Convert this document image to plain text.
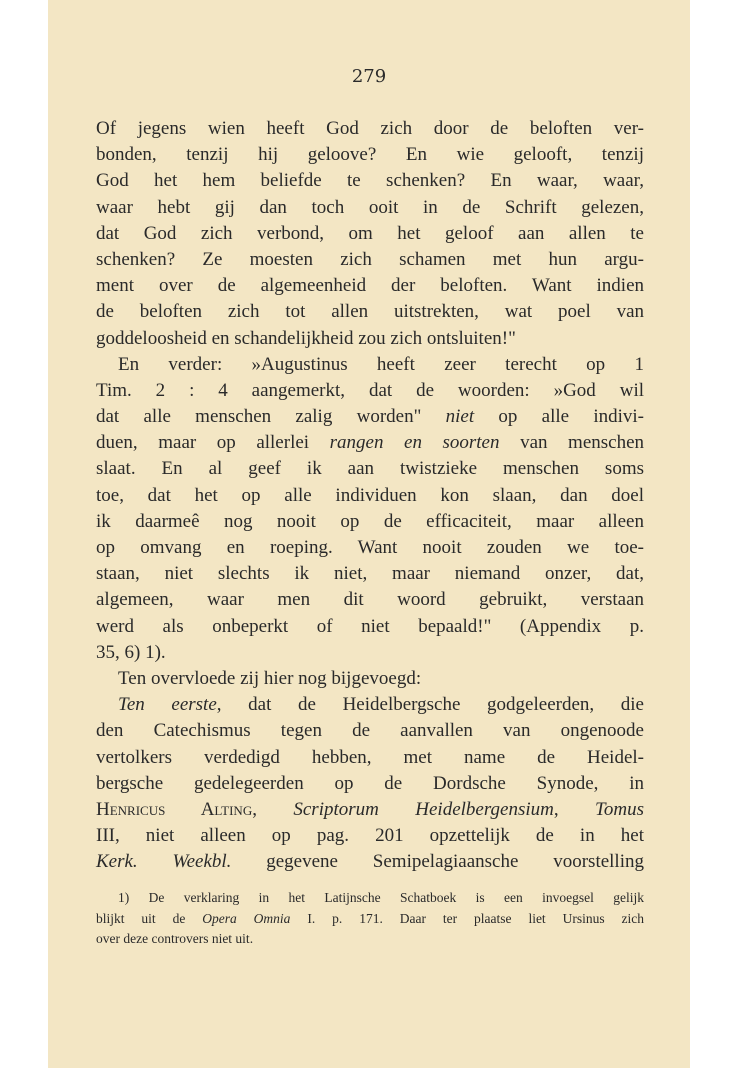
279
Of jegens wien heeft God zich door de beloften ver-
bonden, tenzij hij geloove? En wie gelooft, tenzij
God het hem beliefde te schenken? En waar, waar,
waar hebt gij dan toch ooit in de Schrift gelezen,
dat God zich verbond, om het geloof aan allen te
schenken? Ze moesten zich schamen met hun argu-
ment over de algemeenheid der beloften. Want indien
de beloften zich tot allen uitstrekten, wat poel van
goddeloosheid en schandelijkheid zou zich ontsluiten!"
En verder: »Augustinus heeft zeer terecht op 1
Tim. 2 : 4 aangemerkt, dat de woorden: »God wil
dat alle menschen zalig worden" niet op alle indivi-
duen, maar op allerlei rangen en soorten van menschen
slaat. En al geef ik aan twistzieke menschen soms
toe, dat het op alle individuen kon slaan, dan doel
ik daarmeê nog nooit op de efficaciteit, maar alleen
op omvang en roeping. Want nooit zouden we toe-
staan, niet slechts ik niet, maar niemand onzer, dat,
algemeen, waar men dit woord gebruikt, verstaan
werd als onbeperkt of niet bepaald!" (Appendix p.
35, 6) 1).
Ten overvloede zij hier nog bijgevoegd:
Ten eerste, dat de Heidelbergsche godgeleerden, die
den Catechismus tegen de aanvallen van ongenoode
vertolkers verdedigd hebben, met name de Heidel-
bergsche gedelegeerden op de Dordsche Synode, in
Henricus Alting, Scriptorum Heidelbergensium, Tomus
III, niet alleen op pag. 201 opzettelijk de in het
Kerk. Weekbl. gegevene Semipelagiaansche voorstelling
1) De verklaring in het Latijnsche Schatboek is een invoegsel gelijk
blijkt uit de Opera Omnia I. p. 171. Daar ter plaatse liet Ursinus zich
over deze controvers niet uit.
